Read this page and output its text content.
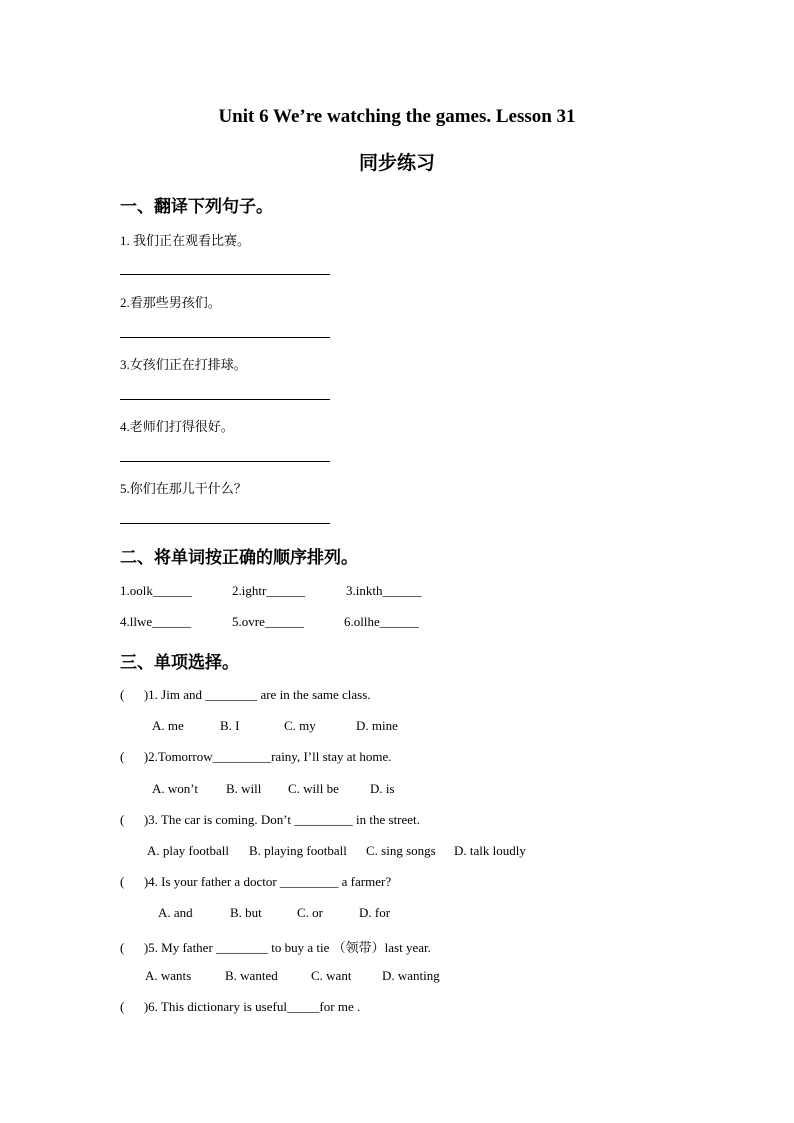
Unit 6 We’re watching the games. Lesson 31
同步练习
一、翻译下列句子。
1. 我们正在观看比赛。
2.看那些男孩们。
3.女孩们正在打排球。
4.老师们打得很好。
5.你们在那儿干什么？
二、将单词按正确的顺序排列。
1.oolk______	2.ightr______	3.inkth______
4.llwe______	5.ovre______	6.ollhe______
三、单项选择。
(      )1. Jim and ________ are in the same class.
A. me	B. I	C. my	D. mine
(      )2.Tomorrow_________rainy, I’ll stay at home.
A. won’t B. will C. will be D. is
(      )3. The car is coming. Don’t _________ in the street.
A. play football B. playing football C. sing songs D. talk loudly
(      )4. Is your father a doctor _________ a farmer?
A. and	B. but	C. or	D. for
(      )5. My father ________ to buy a tie （领带）last year.
A. wants	B. wanted	C. want D. wanting
(      )6. This dictionary is useful_____for me .
